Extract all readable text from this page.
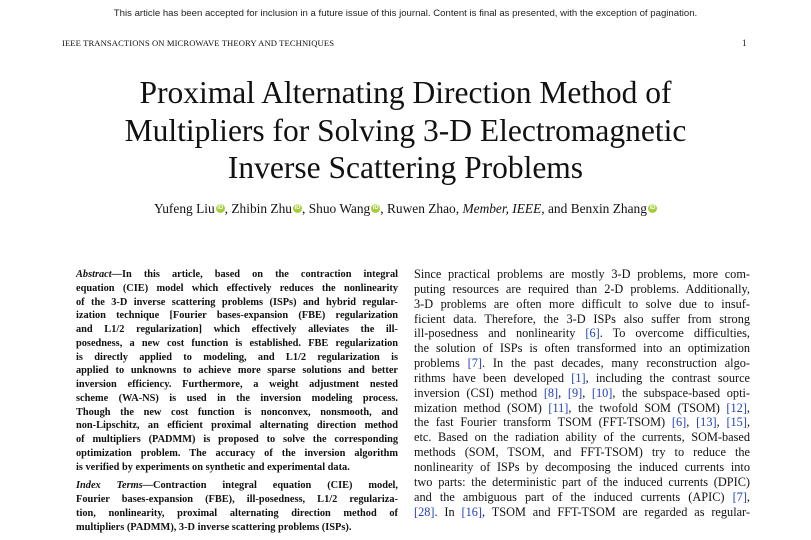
This article has been accepted for inclusion in a future issue of this journal. Content is final as presented, with the exception of pagination.
IEEE TRANSACTIONS ON MICROWAVE THEORY AND TECHNIQUES	1
Proximal Alternating Direction Method of
Multipliers for Solving 3-D Electromagnetic
Inverse Scattering Problems
Yufeng Liu iD , Zhibin Zhu iD , Shuo Wang iD , Ruwen Zhao, Member, IEEE, and Benxin Zhang iD

Abstract—In this article, based on the contraction integral
equation (CIE) model which effectively reduces the nonlinearity
of the 3-D inverse scattering problems (ISPs) and hybrid regular-
ization technique [Fourier bases-expansion (FBE) regularization
and L1/2 regularization] which effectively alleviates the ill-
posedness, a new cost function is established. FBE regularization
is directly applied to modeling, and L1/2 regularization is
applied to unknowns to achieve more sparse solutions and better
inversion efficiency. Furthermore, a weight adjustment nested
scheme (WA-NS) is used in the inversion modeling process.
Though the new cost function is nonconvex, nonsmooth, and
non-Lipschitz, an efficient proximal alternating direction method
of multipliers (PADMM) is proposed to solve the corresponding
optimization problem. The accuracy of the inversion algorithm
is verified by experiments on synthetic and experimental data.

Index Terms—Contraction integral equation (CIE) model,
Fourier bases-expansion (FBE), ill-posedness, L1/2 regulariza-
tion, nonlinearity, proximal alternating direction method of
multipliers (PADMM), 3-D inverse scattering problems (ISPs).

Since practical problems are mostly 3-D problems, more com-
puting resources are required than 2-D problems. Additionally,
3-D problems are often more difficult to solve due to insuf-
ficient data. Therefore, the 3-D ISPs also suffer from strong
ill-posedness and nonlinearity [6]. To overcome difficulties,
the solution of ISPs is often transformed into an optimization
problems [7]. In the past decades, many reconstruction algo-
rithms have been developed [1], including the contrast source
inversion (CSI) method [8], [9], [10], the subspace-based opti-
mization method (SOM) [11], the twofold SOM (TSOM) [12],
the fast Fourier transform TSOM (FFT-TSOM) [6], [13], [15],
etc. Based on the radiation ability of the currents, SOM-based
methods (SOM, TSOM, and FFT-TSOM) try to reduce the
nonlinearity of ISPs by decomposing the induced currents into
two parts: the deterministic part of the induced currents (DPIC)
and the ambiguous part of the induced currents (APIC) [7],
[28]. In [16], TSOM and FFT-TSOM are regarded as regular-
